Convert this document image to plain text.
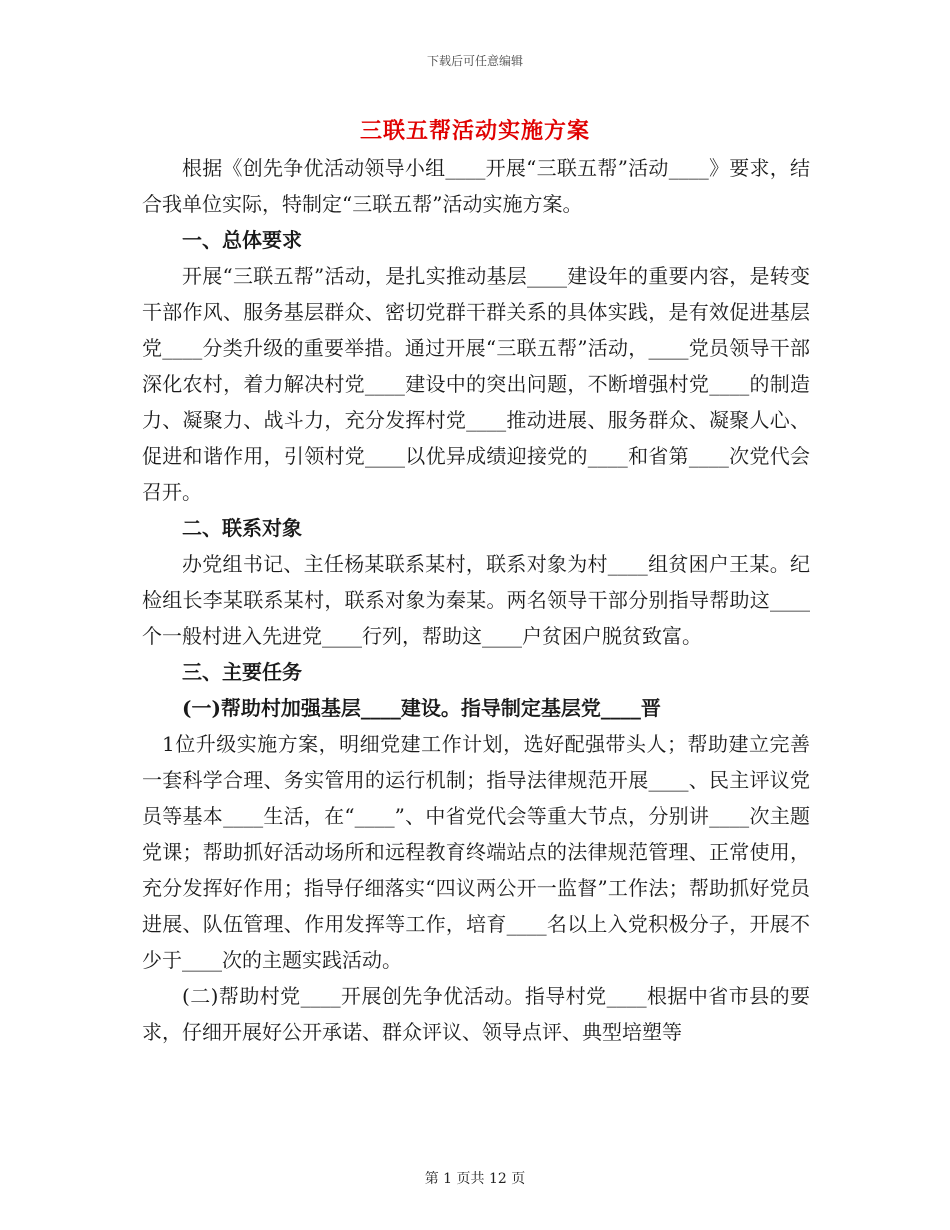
下载后可任意编辑
三联五帮活动实施方案

根据《创先争优活动领导小组____开展“三联五帮”活动____》要求，结合我单位实际，特制定“三联五帮”活动实施方案。

一、总体要求

开展“三联五帮”活动，是扎实推动基层____建设年的重要内容，是转变干部作风、服务基层群众、密切党群干群关系的具体实践，是有效促进基层党____分类升级的重要举措。通过开展“三联五帮”活动，____党员领导干部深化农村，着力解决村党____建设中的突出问题，不断增强村党____的制造力、凝聚力、战斗力，充分发挥村党____推动进展、服务群众、凝聚人心、促进和谐作用，引领村党____以优异成绩迎接党的____和省第____次党代会召开。

二、联系对象

办党组书记、主任杨某联系某村，联系对象为村____组贫困户王某。纪检组长李某联系某村，联系对象为秦某。两名领导干部分别指导帮助这____个一般村进入先进党____行列，帮助这____户贫困户脱贫致富。

三、主要任务
(一)帮助村加强基层____建设。指导制定基层党____晋

1位升级实施方案，明细党建工作计划，选好配强带头人；帮助建立完善一套科学合理、务实管用的运行机制；指导法律规范开展____、民主评议党员等基本____生活，在“____”、中省党代会等重大节点，分别讲____次主题党课；帮助抓好活动场所和远程教育终端站点的法律规范管理、正常使用，充分发挥好作用；指导仔细落实“四议两公开一监督”工作法；帮助抓好党员进展、队伍管理、作用发挥等工作，培育____名以上入党积极分子，开展不少于____次的主题实践活动。

(二)帮助村党____开展创先争优活动。指导村党____根据中省市县的要求，仔细开展好公开承诺、群众评议、领导点评、典型培塑等

第 1 页共 12 页
